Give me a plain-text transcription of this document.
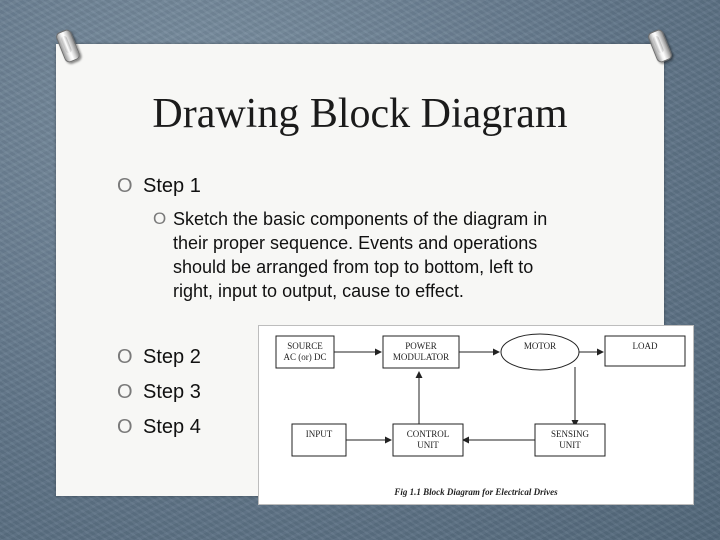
Drawing Block Diagram
O Step 1
O Sketch the basic components of the diagram in their proper sequence. Events and operations should be arranged from top to bottom, left to right, input to output, cause to effect.
O Step 2
O Step 3
O Step 4
SOURCE
AC (or) DC
POWER
MODULATOR
MOTOR	LOAD
INPUT	CONTROL
UNIT
SENSING
UNIT
Fig 1.1 Block Diagram for Electrical Drives
